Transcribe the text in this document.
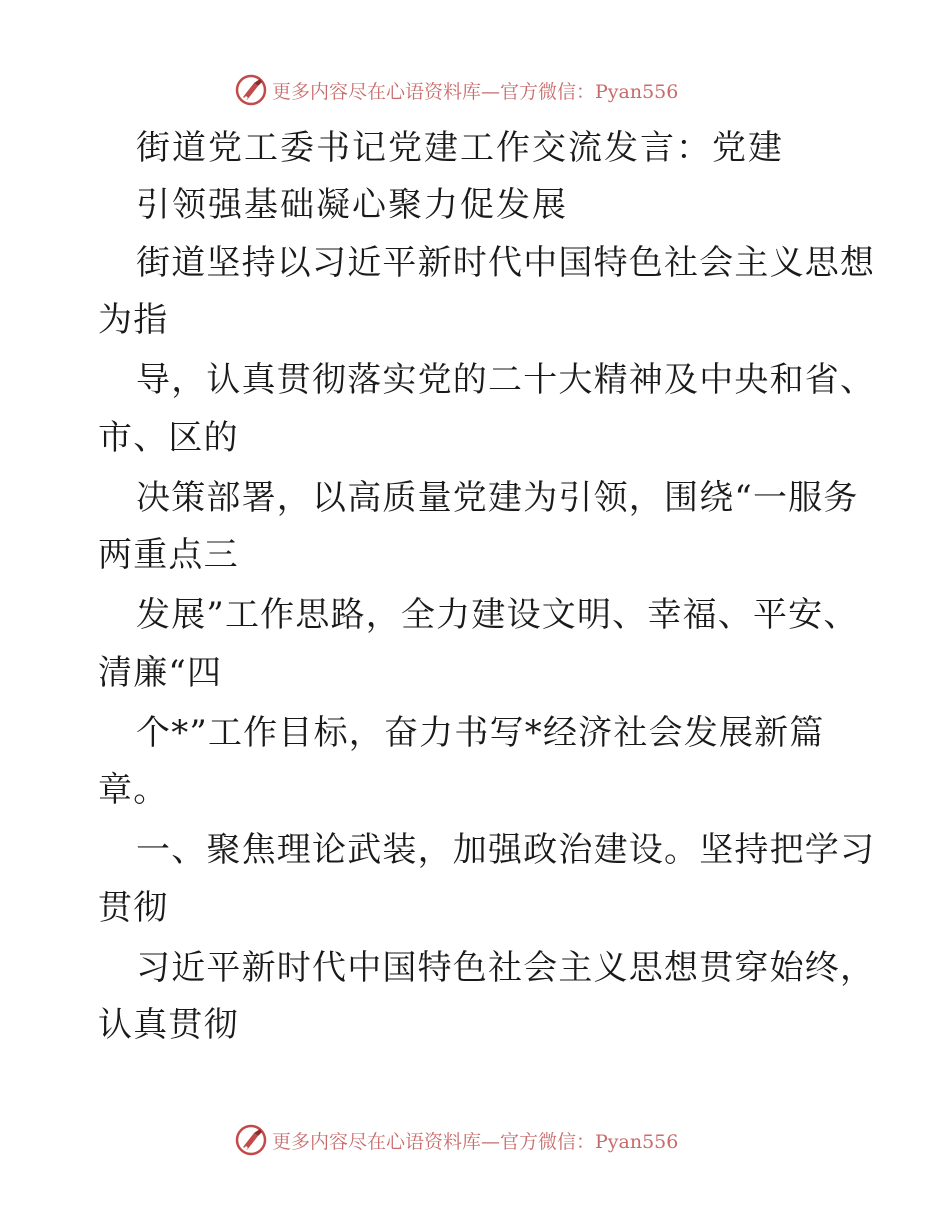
更多内容尽在心语资料库—官方微信：Pyan556
街道党工委书记党建工作交流发言：党建
引领强基础凝心聚力促发展
街道坚持以习近平新时代中国特色社会主义思想
为指
导，认真贯彻落实党的二十大精神及中央和省、
市、区的
决策部署，以高质量党建为引领，围绕“一服务
两重点三
发展”工作思路，全力建设文明、幸福、平安、
清廉“四
个*”工作目标，奋力书写*经济社会发展新篇
章。
一、聚焦理论武装，加强政治建设。坚持把学习
贯彻
习近平新时代中国特色社会主义思想贯穿始终，
认真贯彻
更多内容尽在心语资料库—官方微信：Pyan556
